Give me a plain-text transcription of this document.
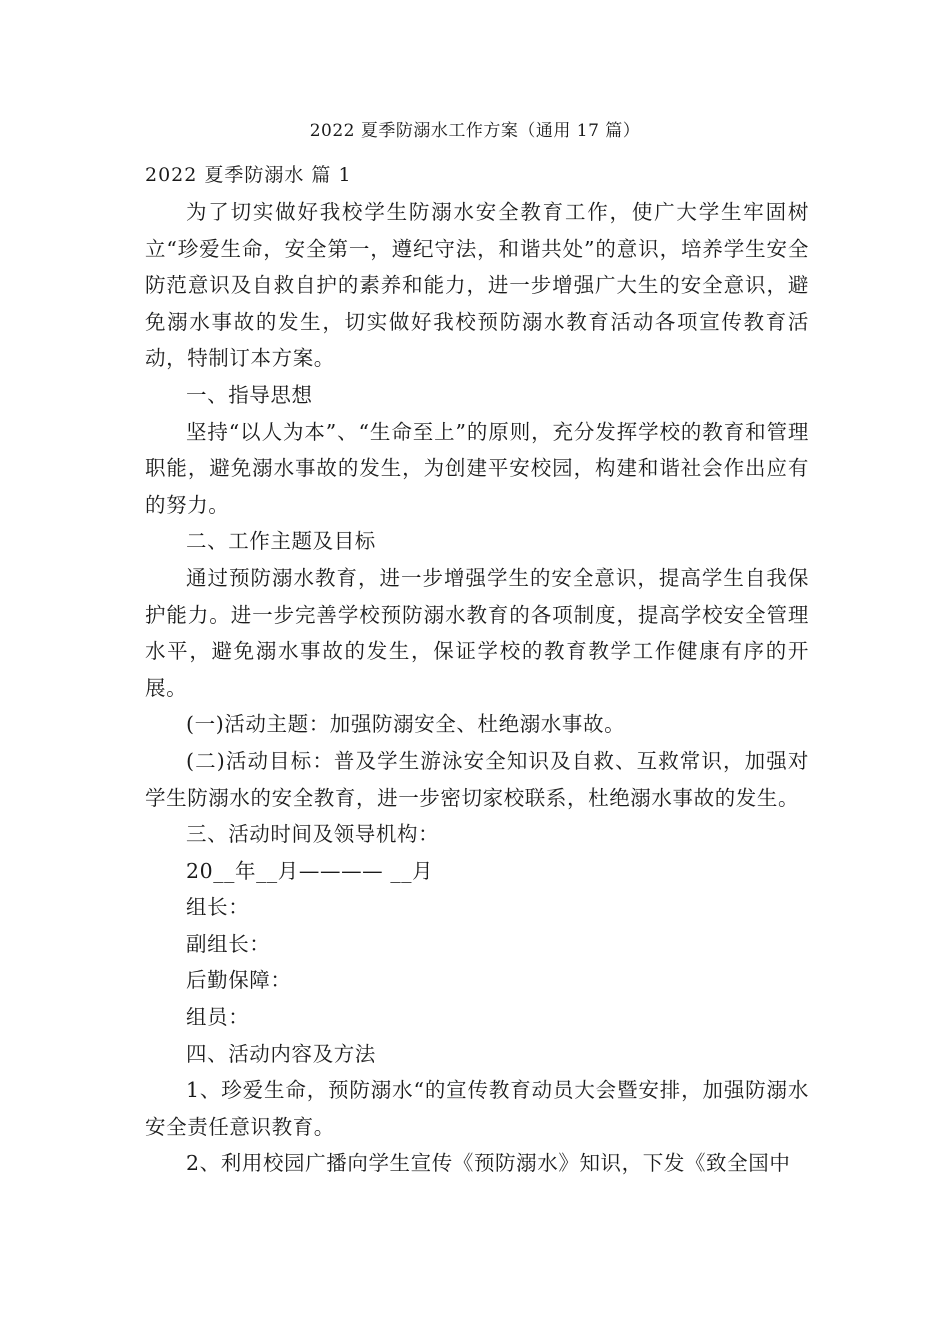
2022 夏季防溺水工作方案（通用 17 篇）
2022 夏季防溺水 篇 1

为了切实做好我校学生防溺水安全教育工作，使广大学生牢固树立“珍爱生命，安全第一，遵纪守法，和谐共处”的意识，培养学生安全防范意识及自救自护的素养和能力，进一步增强广大生的安全意识，避免溺水事故的发生，切实做好我校预防溺水教育活动各项宣传教育活动，特制订本方案。

一、指导思想

坚持“以人为本”、“生命至上”的原则，充分发挥学校的教育和管理职能，避免溺水事故的发生，为创建平安校园，构建和谐社会作出应有的努力。

二、工作主题及目标

通过预防溺水教育，进一步增强学生的安全意识，提高学生自我保护能力。进一步完善学校预防溺水教育的各项制度，提高学校安全管理水平，避免溺水事故的发生，保证学校的教育教学工作健康有序的开展。

(一)活动主题：加强防溺安全、杜绝溺水事故。

(二)活动目标：普及学生游泳安全知识及自救、互救常识，加强对学生防溺水的安全教育，进一步密切家校联系，杜绝溺水事故的发生。

三、活动时间及领导机构：

20__年__月———— __月

组长：

副组长：

后勤保障：

组员：

四、活动内容及方法

1、珍爱生命，预防溺水“的宣传教育动员大会暨安排，加强防溺水安全责任意识教育。

2、利用校园广播向学生宣传《预防溺水》知识，下发《致全国中
